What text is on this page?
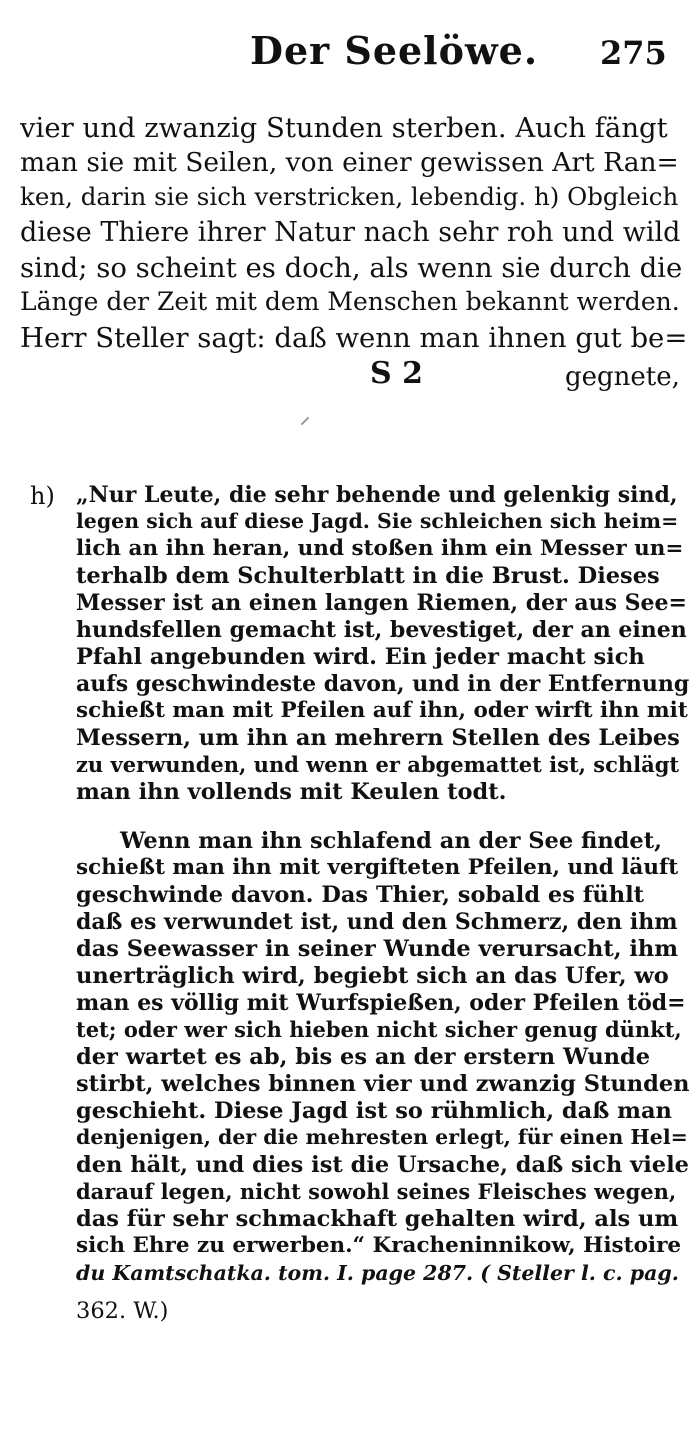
Der Seelöwe. 275
vier und zwanzig Stunden sterben. Auch fängt
man sie mit Seilen, von einer gewissen Art Ran=
ken, darin sie sich verstricken, lebendig. h) Obgleich
diese Thiere ihrer Natur nach sehr roh und wild
sind; so scheint es doch, als wenn sie durch die
Länge der Zeit mit dem Menschen bekannt werden.
Herr Steller sagt: daß wenn man ihnen gut be=
S 2	gegnete,
h) „Nur Leute, die sehr behende und gelenkig sind,
legen sich auf diese Jagd. Sie schleichen sich heim=
lich an ihn heran, und stoßen ihm ein Messer un=
terhalb dem Schulterblatt in die Brust. Dieses
Messer ist an einen langen Riemen, der aus See=
hundsfellen gemacht ist, bevestiget, der an einen
Pfahl angebunden wird. Ein jeder macht sich
aufs geschwindeste davon, und in der Entfernung
schießt man mit Pfeilen auf ihn, oder wirft ihn mit
Messern, um ihn an mehrern Stellen des Leibes
zu verwunden, und wenn er abgemattet ist, schlägt
man ihn vollends mit Keulen todt.
Wenn man ihn schlafend an der See findet,
schießt man ihn mit vergifteten Pfeilen, und läuft
geschwinde davon. Das Thier, sobald es fühlt
daß es verwundet ist, und den Schmerz, den ihm
das Seewasser in seiner Wunde verursacht, ihm
unerträglich wird, begiebt sich an das Ufer, wo
man es völlig mit Wurfspießen, oder Pfeilen töd=
tet; oder wer sich hieben nicht sicher genug dünkt,
der wartet es ab, bis es an der erstern Wunde
stirbt, welches binnen vier und zwanzig Stunden
geschieht. Diese Jagd ist so rühmlich, daß man
denjenigen, der die mehresten erlegt, für einen Hel=
den hält, und dies ist die Ursache, daß sich viele
darauf legen, nicht sowohl seines Fleisches wegen,
das für sehr schmackhaft gehalten wird, als um
sich Ehre zu erwerben.“ Kracheninnikow, Histoire
du Kamtschatka. tom. I. page 287. ( Steller l. c. pag.
362. W.)
